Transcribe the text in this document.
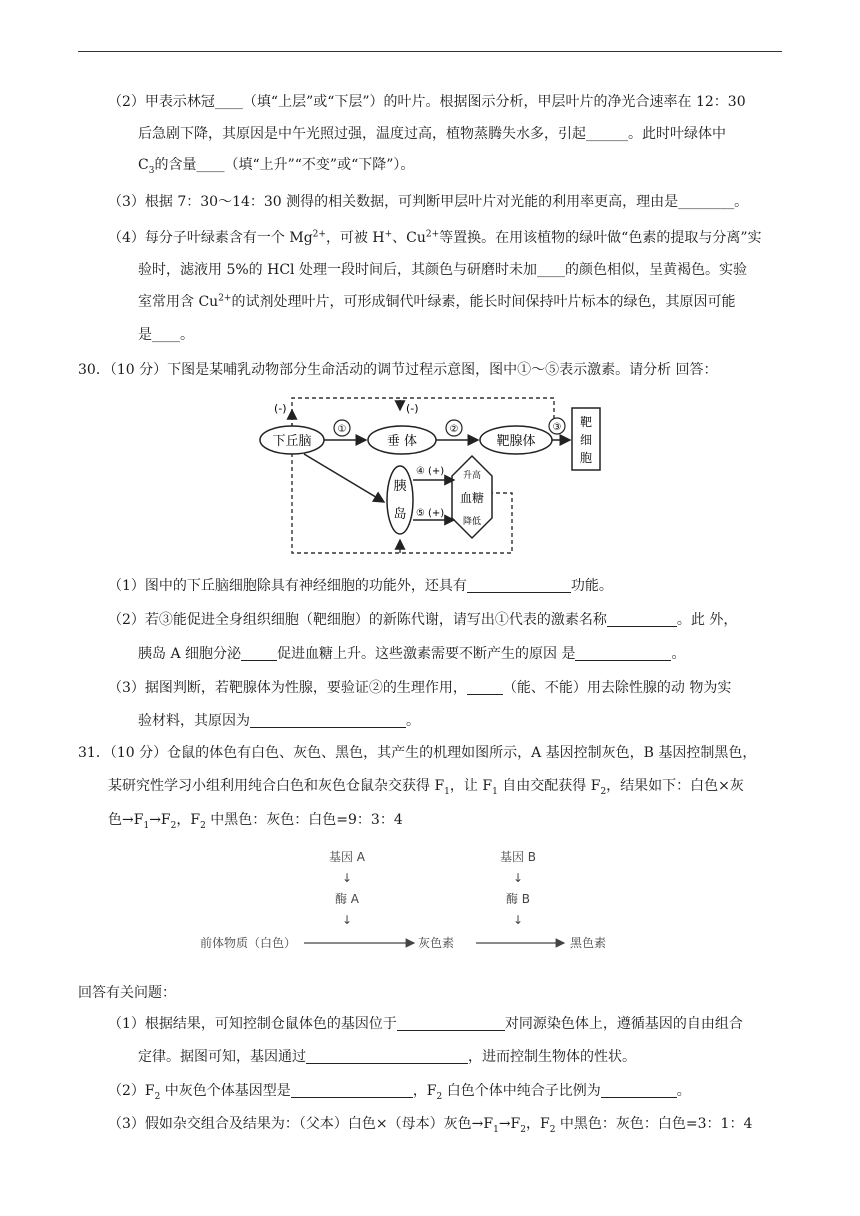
（2）甲表示林冠____（填“上层”或“下层”）的叶片。根据图示分析，甲层叶片的净光合速率在 12：30
后急剧下降，其原因是中午光照过强，温度过高，植物蒸腾失水多，引起______。此时叶绿体中
$C_3$的含量____（填“上升”“不变”或“下降”）。
（3）根据 7：30～14：30 测得的相关数据，可判断甲层叶片对光能的利用率更高，理由是________。
（4）每分子叶绿素含有一个 $Mg^{2+}$，可被 H+、$Cu^{2+}$等置换。在用该植物的绿叶做“色素的提取与分离”实
验时，滤液用 5%的 HCl 处理一段时间后，其颜色与研磨时未加____的颜色相似，呈黄褐色。实验
室常用含 $Cu^{2+}$的试剂处理叶片，可形成铜代叶绿素，能长时间保持叶片标本的绿色，其原因可能
是____。
30．（10 分）下图是某哺乳动物部分生命活动的调节过程示意图，图中①～⑤表示激素。请分析 回答：
(-)	(-)
下丘脑	垂 体	靶腺体
靶
细
胞
①	②	③
胰
岛
升高
血糖
降低
④ (+)
⑤ (+)
（1）图中的下丘脑细胞除具有神经细胞的功能外，还具有	功能。
（2）若③能促进全身组织细胞（靶细胞）的新陈代谢，请写出①代表的激素名称	。此 外，
胰岛 A 细胞分泌	促进血糖上升。这些激素需要不断产生的原因 是	。
（3）据图判断，若靶腺体为性腺，要验证②的生理作用，	（能、不能）用去除性腺的动 物为实
验材料，其原因为	。
31．（10 分）仓鼠的体色有白色、灰色、黑色，其产生的机理如图所示，A 基因控制灰色，B 基因控制黑色，
某研究性学习小组利用纯合白色和灰色仓鼠杂交获得 $F_1$，让 $F_1$ 自由交配获得 $F_2$，结果如下：白色×灰
色$\to F_1\to F_2$，$F_2$ 中黑色：灰色：白色=9：3：4
基因 A
↓
酶 A
↓
基因 B
↓
酶 B
↓
前体物质（白色）	灰色素	黑色素
回答有关问题：
（1）根据结果，可知控制仓鼠体色的基因位于	对同源染色体上，遵循基因的自由组合
定律。据图可知，基因通过	，进而控制生物体的性状。
$(2)F_2$ 中灰色个体基因型是	，$F_2$ 白色个体中纯合子比例为	。
（3）假如杂交组合及结果为：（父本）白色×（母本）灰色$\to F_1\to F_2$，$F_2$ 中黑色：灰色：白色=3：1：4
